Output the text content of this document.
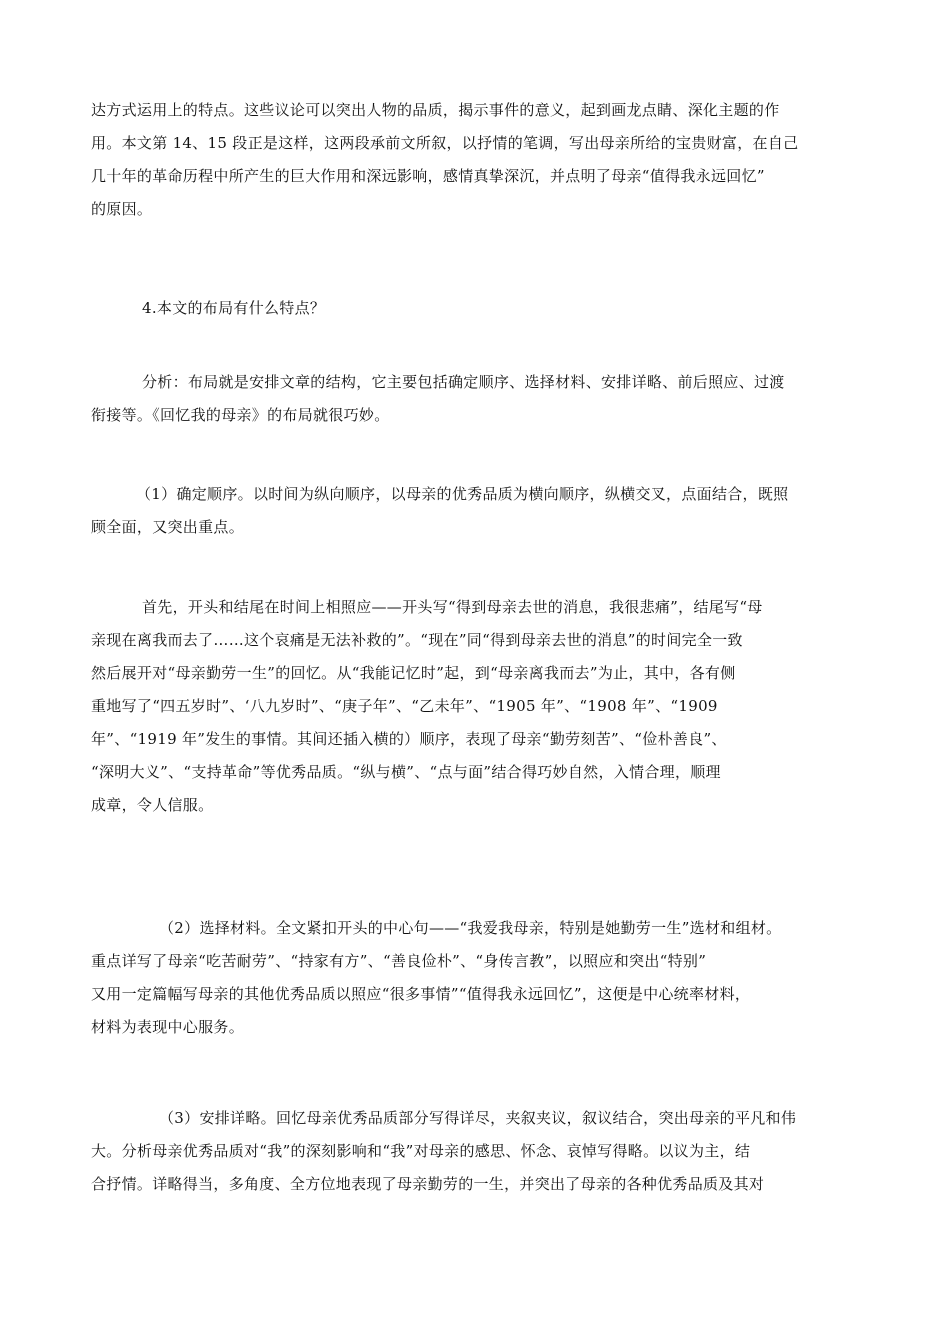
达方式运用上的特点。这些议论可以突出人物的品质，揭示事件的意义，起到画龙点睛、深化主题的作
用。本文第 14、15 段正是这样，这两段承前文所叙，以抒情的笔调，写出母亲所给的宝贵财富，在自己
几十年的革命历程中所产生的巨大作用和深远影响，感情真挚深沉，并点明了母亲“值得我永远回忆”
的原因。
4.本文的布局有什么特点？
分析：布局就是安排文章的结构，它主要包括确定顺序、选择材料、安排详略、前后照应、过渡
衔接等。《回忆我的母亲》的布局就很巧妙。
（1）确定顺序。以时间为纵向顺序，以母亲的优秀品质为横向顺序，纵横交叉，点面结合，既照
顾全面，又突出重点。
首先，开头和结尾在时间上相照应——开头写“得到母亲去世的消息，我很悲痛”，结尾写“母
亲现在离我而去了……这个哀痛是无法补救的”。“现在”同“得到母亲去世的消息”的时间完全一致
然后展开对“母亲勤劳一生”的回忆。从“我能记忆时”起，到“母亲离我而去”为止，其中，各有侧
重地写了“四五岁时”、‘八九岁时”、“庚子年”、“乙未年”、“1905 年”、“1908 年”、“1909
年”、“1919 年”发生的事情。其间还插入横的）顺序，表现了母亲“勤劳刻苦”、“俭朴善良”、
“深明大义”、“支持革命”等优秀品质。“纵与横”、“点与面”结合得巧妙自然，入情合理，顺理
成章，令人信服。
（2）选择材料。全文紧扣开头的中心句——“我爱我母亲，特别是她勤劳一生”选材和组材。
重点详写了母亲“吃苦耐劳”、“持家有方”、“善良俭朴”、“身传言教”，以照应和突出“特别”
又用一定篇幅写母亲的其他优秀品质以照应“很多事情”“值得我永远回忆”，这便是中心统率材料，
材料为表现中心服务。
（3）安排详略。回忆母亲优秀品质部分写得详尽，夹叙夹议，叙议结合，突出母亲的平凡和伟
大。分析母亲优秀品质对“我”的深刻影响和“我”对母亲的感思、怀念、哀悼写得略。以议为主，结
合抒情。详略得当，多角度、全方位地表现了母亲勤劳的一生，并突出了母亲的各种优秀品质及其对
